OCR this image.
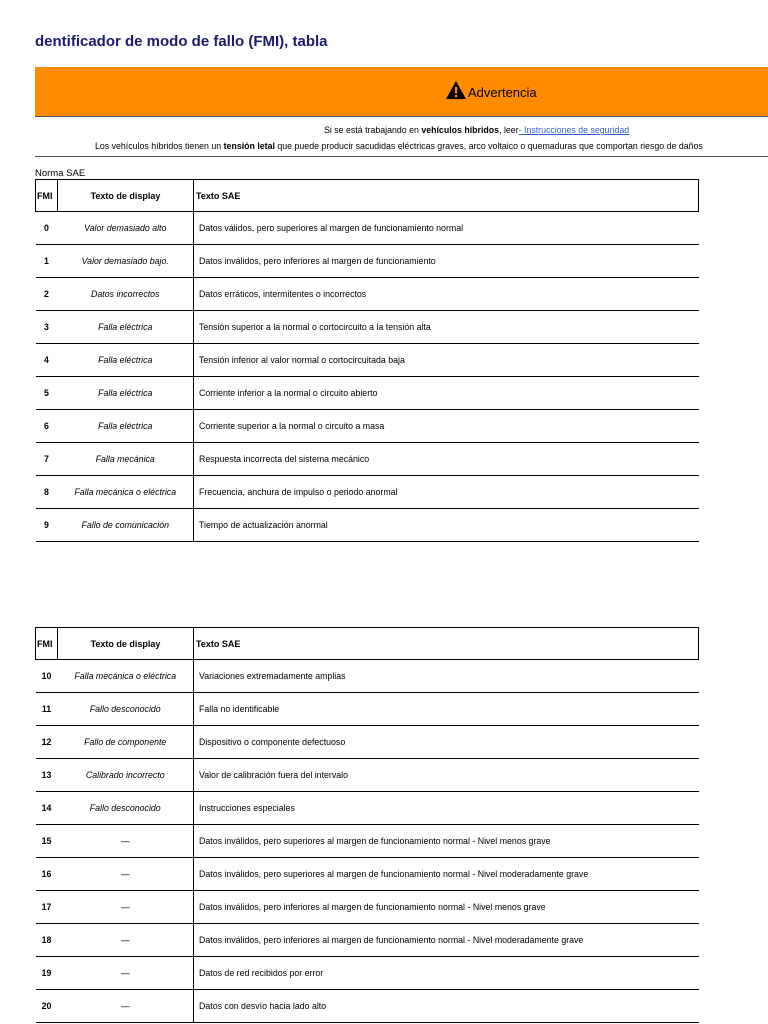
dentificador de modo de fallo (FMI), tabla
Advertencia
Si se está trabajando en vehículos híbridos, leer- Instrucciones de seguridad
Los vehículos híbridos tienen un tensión letal que puede producir sacudidas eléctricas graves, arco voltaico o quemaduras que comportan riesgo de daños
Norma SAE
FMI	Texto de display	Texto SAE
0	Valor demasiado alto	Datos válidos, pero superiores al margen de funcionamiento normal
1	Valor demasiado bajo.	Datos inválidos, pero inferiores al margen de funcionamiento
2	Datos incorrectos	Datos erráticos, intermitentes o incorrectos
3	Falla eléctrica	Tensión superior a la normal o cortocircuito a la tensión alta
4	Falla eléctrica	Tensión inferior al valor normal o cortocircuitada baja
5	Falla eléctrica	Corriente inferior a la normal o circuito abierto
6	Falla eléctrica	Corriente superior a la normal o circuito a masa
7	Falla mecánica	Respuesta incorrecta del sistema mecánico
8	Falla mecánica o eléctrica	Frecuencia, anchura de impulso o periodo anormal
9	Fallo de comunicación	Tiempo de actualización anormal
FMI	Texto de display	Texto SAE
10	Falla mecánica o eléctrica	Variaciones extremadamente amplias
11	Fallo desconocido	Falla no identificable
12	Fallo de componente	Dispositivo o componente defectuoso
13	Calibrado incorrecto	Valor de calibración fuera del intervalo
14	Fallo desconocido	Instrucciones especiales
15	—	Datos inválidos, pero superiores al margen de funcionamiento normal - Nivel menos grave
16	—	Datos inválidos, pero superiores al margen de funcionamiento normal - Nivel moderadamente grave
17	—	Datos inválidos, pero inferiores al margen de funcionamiento normal - Nivel menos grave
18	—	Datos inválidos, pero inferiores al margen de funcionamiento normal - Nivel moderadamente grave
19	—	Datos de red recibidos por error
20	—	Datos con desvío hacia lado alto
